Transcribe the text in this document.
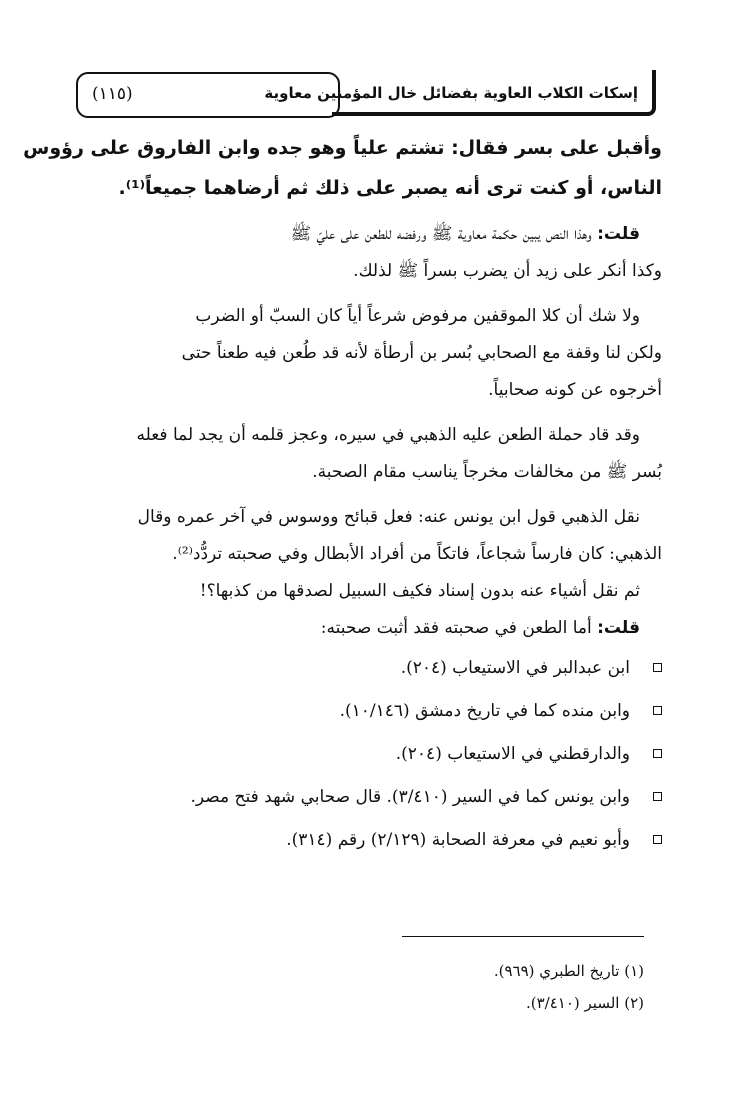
إسكات الكلاب العاوية بفضائل خال المؤمنين معاوية
(١١٥)

وأقبل على بسر فقال: تشتم علياً وهو جده وابن الفاروق على رؤوس
الناس، أو كنت ترى أنه يصبر على ذلك ثم أرضاهما جميعاً⁽¹⁾.

قلت: وهذا النص يبين حكمة معاوية ﷺ ورفضه للطعن على عليّ ﷺ
وكذا أنكر على زيد أن يضرب بسراً ﷺ لذلك.

ولا شك أن كلا الموقفين مرفوض شرعاً أياً كان السبّ أو الضرب
ولكن لنا وقفة مع الصحابي بُسر بن أرطأة لأنه قد طُعن فيه طعناً حتى
أخرجوه عن كونه صحابياً.

وقد قاد حملة الطعن عليه الذهبي في سيره، وعجز قلمه أن يجد لما فعله
بُسر ﷺ من مخالفات مخرجاً يناسب مقام الصحبة.

نقل الذهبي قول ابن يونس عنه: فعل قبائح ووسوس في آخر عمره وقال
الذهبي: كان فارساً شجاعاً، فاتكاً من أفراد الأبطال وفي صحبته تردُّد⁽²⁾.
ثم نقل أشياء عنه بدون إسناد فكيف السبيل لصدقها من كذبها؟!

قلت: أما الطعن في صحبته فقد أثبت صحبته:

ابن عبدالبر في الاستيعاب (٢٠٤).
وابن منده كما في تاريخ دمشق (١٠/١٤٦).
والدارقطني في الاستيعاب (٢٠٤).
وابن يونس كما في السير (٣/٤١٠). قال صحابي شهد فتح مصر.
وأبو نعيم في معرفة الصحابة (٢/١٢٩) رقم (٣١٤).
(١) تاريخ الطبري (٩٦٩).
(٢) السير (٣/٤١٠).
